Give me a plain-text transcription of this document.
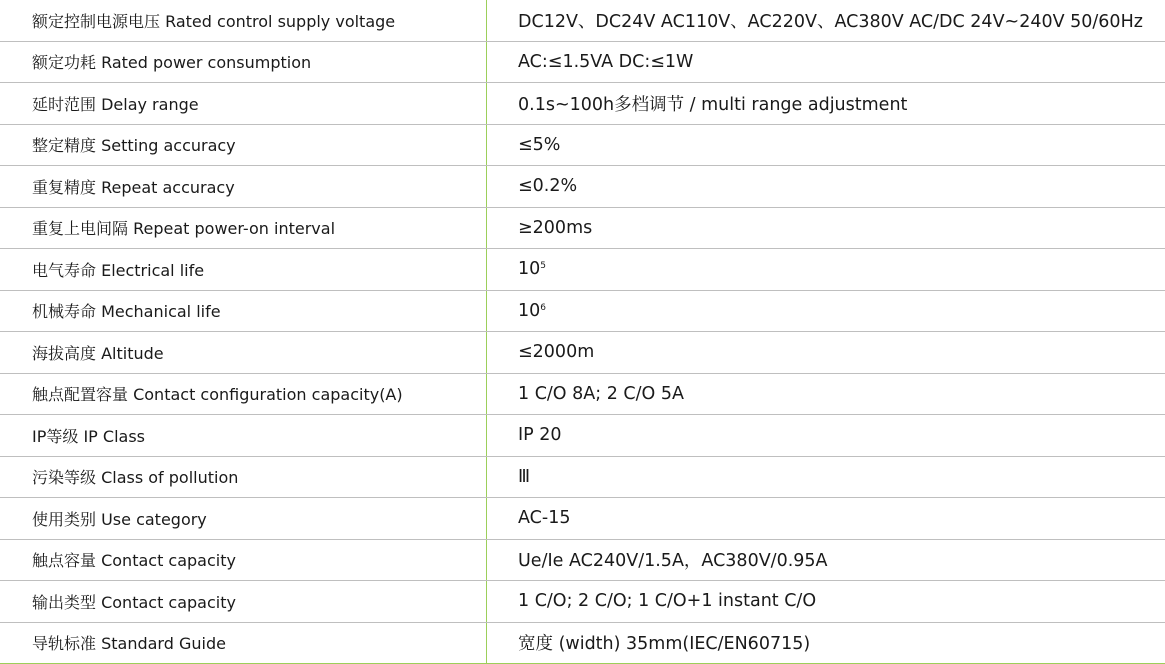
额定控制电源电压 Rated control supply voltage	DC12V、DC24V AC110V、AC220V、AC380V AC/DC 24V~240V 50/60Hz
额定功耗 Rated power consumption	AC:≤1.5VA DC:≤1W
延时范围 Delay range	0.1s~100h多档调节 / multi range adjustment
整定精度 Setting accuracy	≤5%
重复精度 Repeat accuracy	≤0.2%
重复上电间隔 Repeat power-on interval	≥200ms
电气寿命 Electrical life	$10^5$
机械寿命 Mechanical life	$10^6$
海拔高度 Altitude	≤2000m
触点配置容量 Contact configuration capacity(A)	1 C/O 8A; 2 C/O 5A
IP等级 IP Class	IP 20
污染等级 Class of pollution	Ⅲ
使用类别 Use category	AC-15
触点容量 Contact capacity	Ue/Ie AC240V/1.5A，AC380V/0.95A
输出类型 Contact capacity	1 C/O; 2 C/O; 1 C/O+1 instant C/O
导轨标准 Standard Guide	宽度 (width) 35mm(IEC/EN60715)
